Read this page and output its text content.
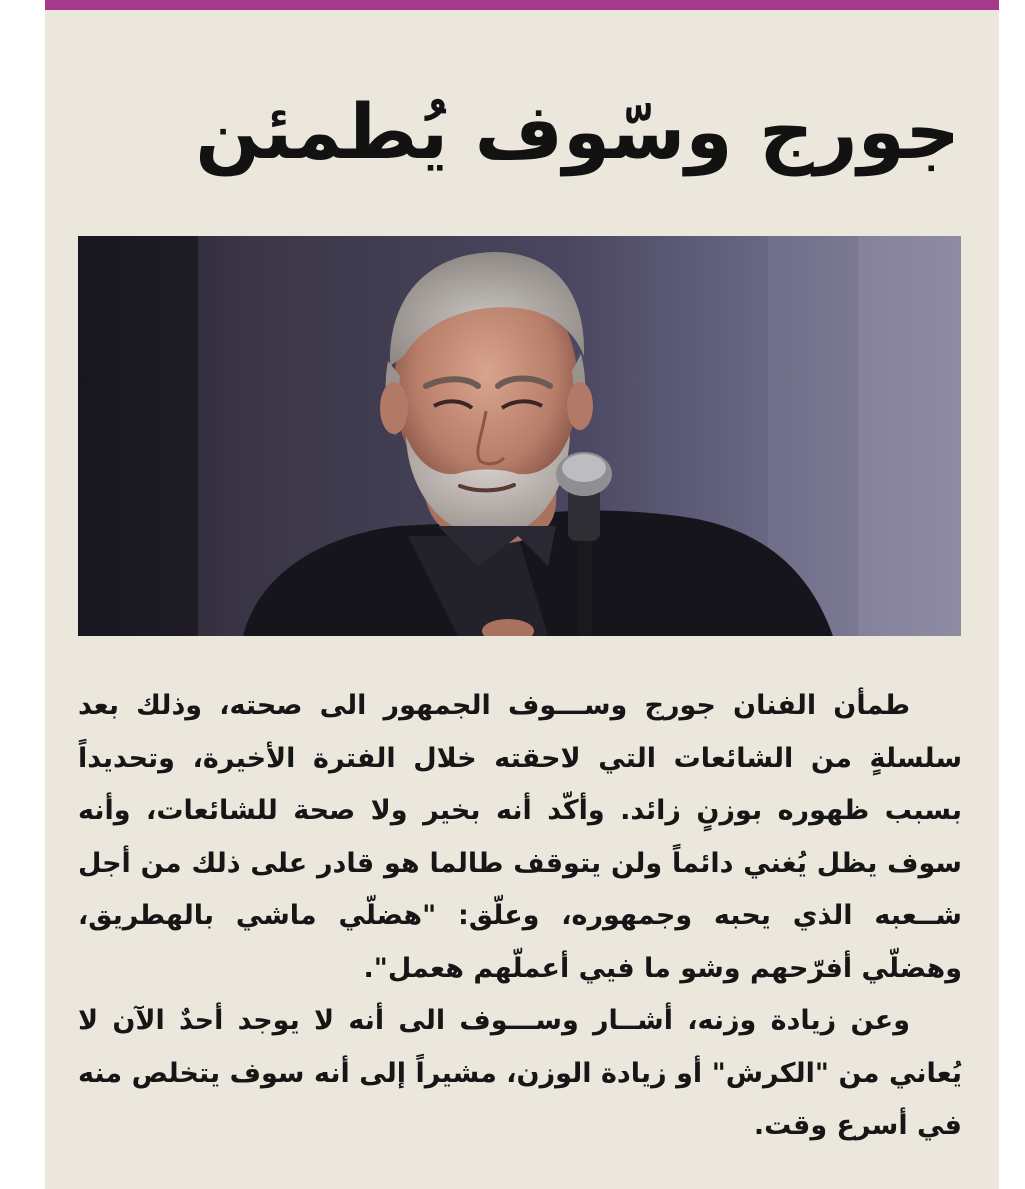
جورج وسّوف يُطمئن

طمأن الفنان جورج وســـوف الجمهور الى صحته، وذلك بعد سلسلةٍ من الشائعات التي لاحقته خلال الفترة الأخيرة، وتحديداً بسبب ظهوره بوزنٍ زائد. وأكّد أنه بخير ولا صحة للشائعات، وأنه سوف يظل يُغني دائماً ولن يتوقف طالما هو قادر على ذلك من أجل شــعبه الذي يحبه وجمهوره، وعلّق: "هضلّي ماشي بالهطريق، وهضلّي أفرّحهم وشو ما فيي أعملّهم هعمل".

وعن زيادة وزنه، أشــار وســـوف الى أنه لا يوجد أحدٌ الآن لا يُعاني من "الكرش" أو زيادة الوزن، مشيراً إلى أنه سوف يتخلص منه في أسرع وقت.
